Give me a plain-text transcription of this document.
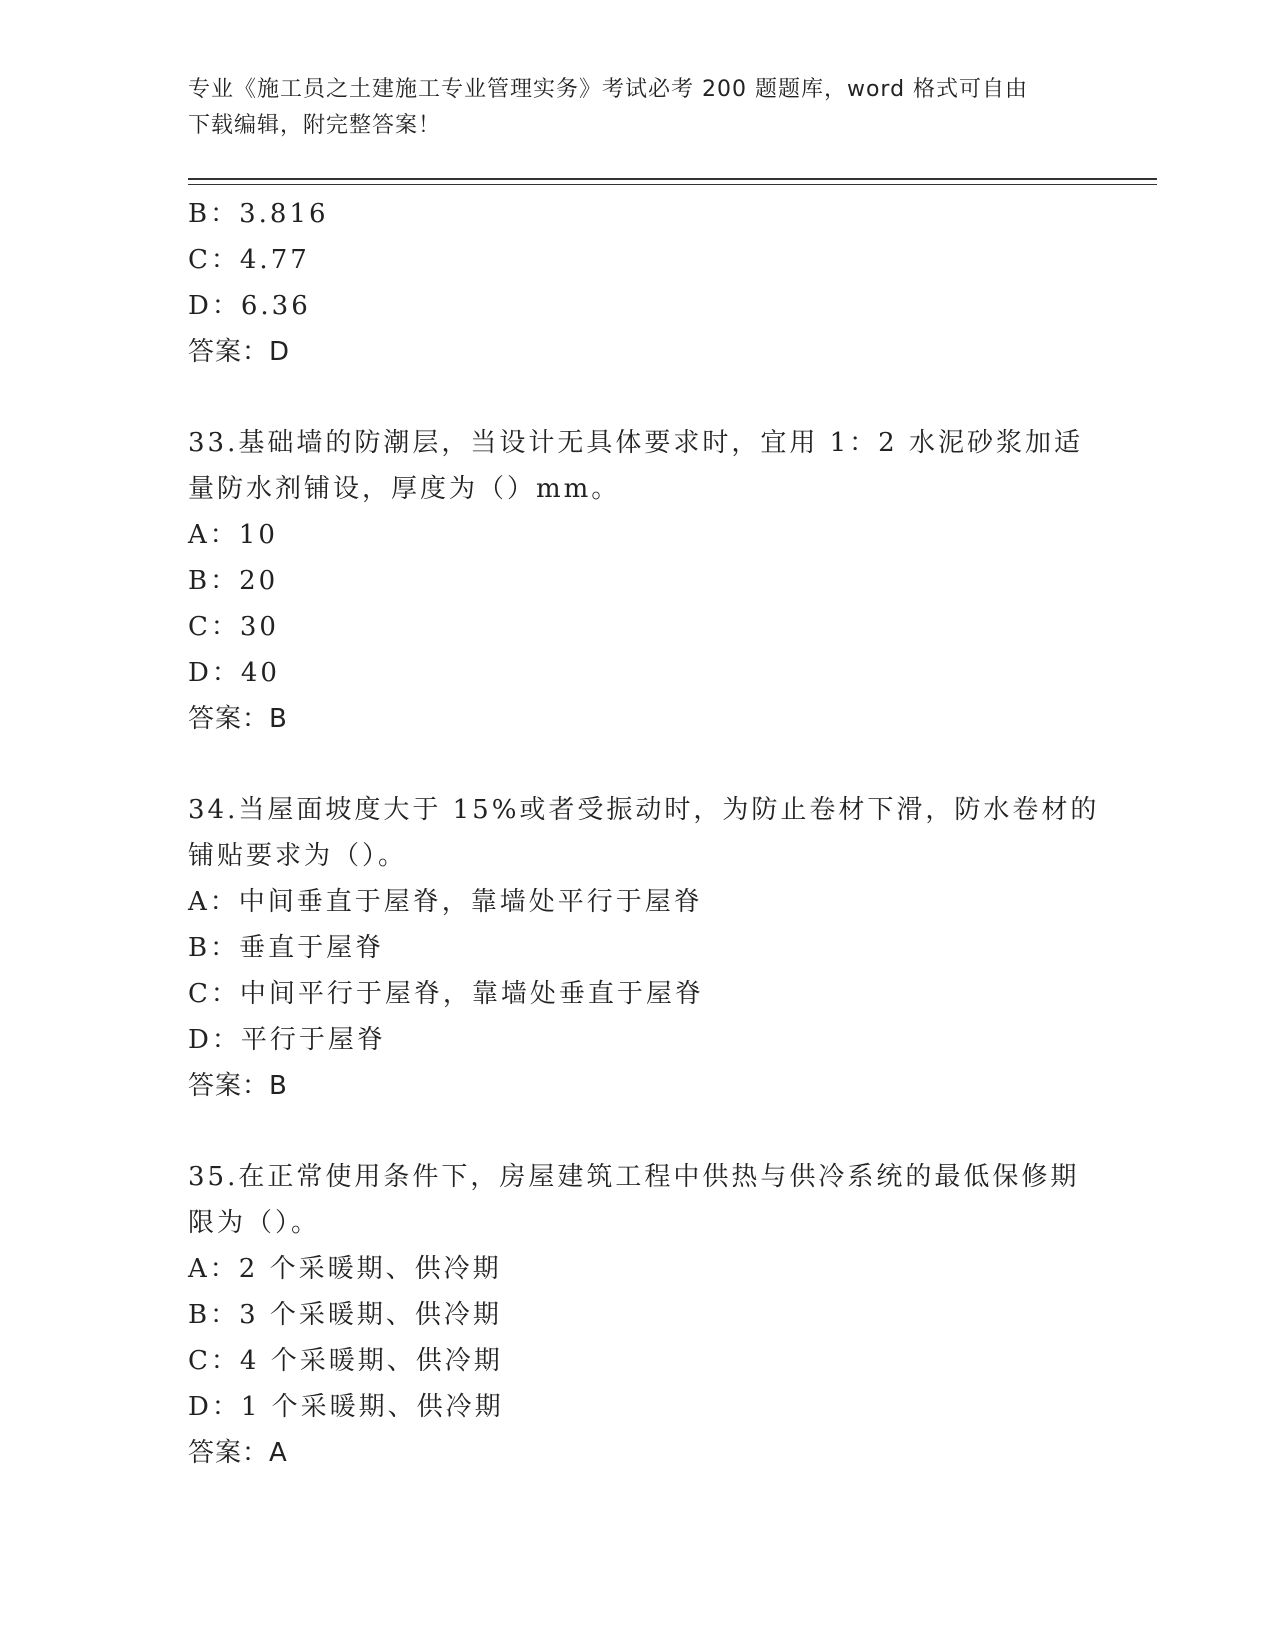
专业《施工员之土建施工专业管理实务》考试必考 200 题题库，word 格式可自由
下载编辑，附完整答案！
B：3.816
C：4.77
D：6.36
答案：D
33.基础墙的防潮层，当设计无具体要求时，宜用 1：2 水泥砂浆加适
量防水剂铺设，厚度为（）mm。
A：10
B：20
C：30
D：40
答案：B
34.当屋面坡度大于 15%或者受振动时，为防止卷材下滑，防水卷材的
铺贴要求为（）。
A：中间垂直于屋脊，靠墙处平行于屋脊
B：垂直于屋脊
C：中间平行于屋脊，靠墙处垂直于屋脊
D：平行于屋脊
答案：B
35.在正常使用条件下，房屋建筑工程中供热与供冷系统的最低保修期
限为（）。
A：2 个采暖期、供冷期
B：3 个采暖期、供冷期
C：4 个采暖期、供冷期
D：1 个采暖期、供冷期
答案：A
